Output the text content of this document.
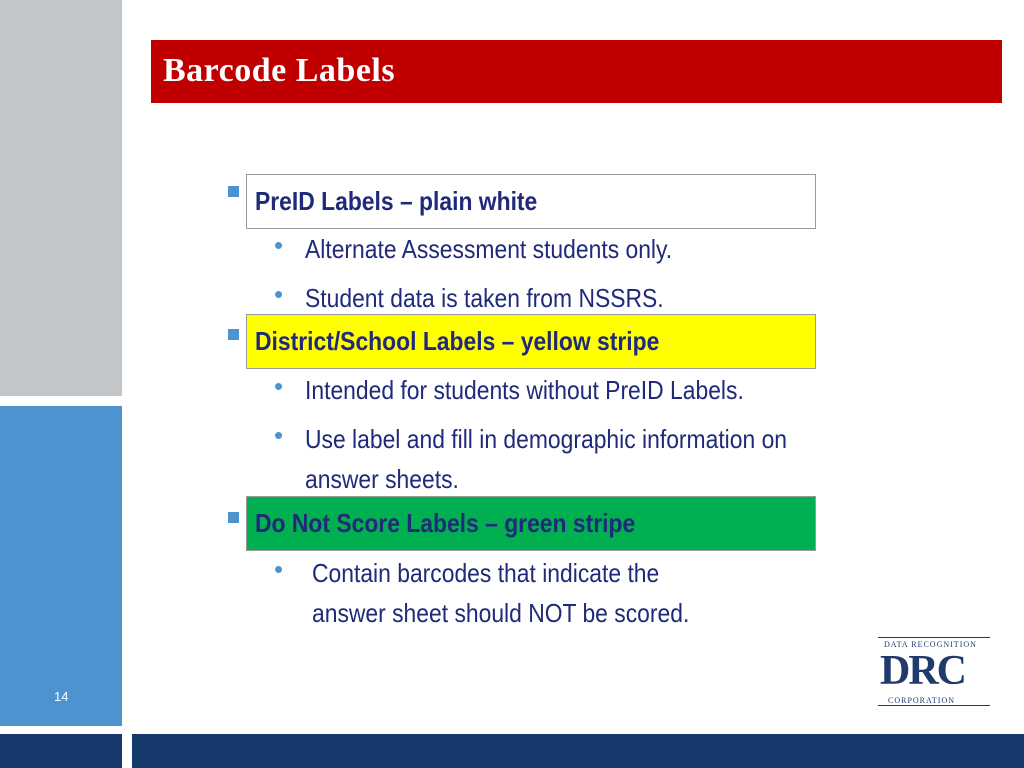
14
Barcode Labels
PreID Labels – plain white
• Alternate Assessment students only.
• Student data is taken from NSSRS.
District/School Labels – yellow stripe
• Intended for students without PreID Labels.
• Use label and fill in demographic information on
answer sheets.
Do Not Score Labels – green stripe
• Contain barcodes that indicate the
answer sheet should NOT be scored.
DATA RECOGNITION
DRC
CORPORATION
